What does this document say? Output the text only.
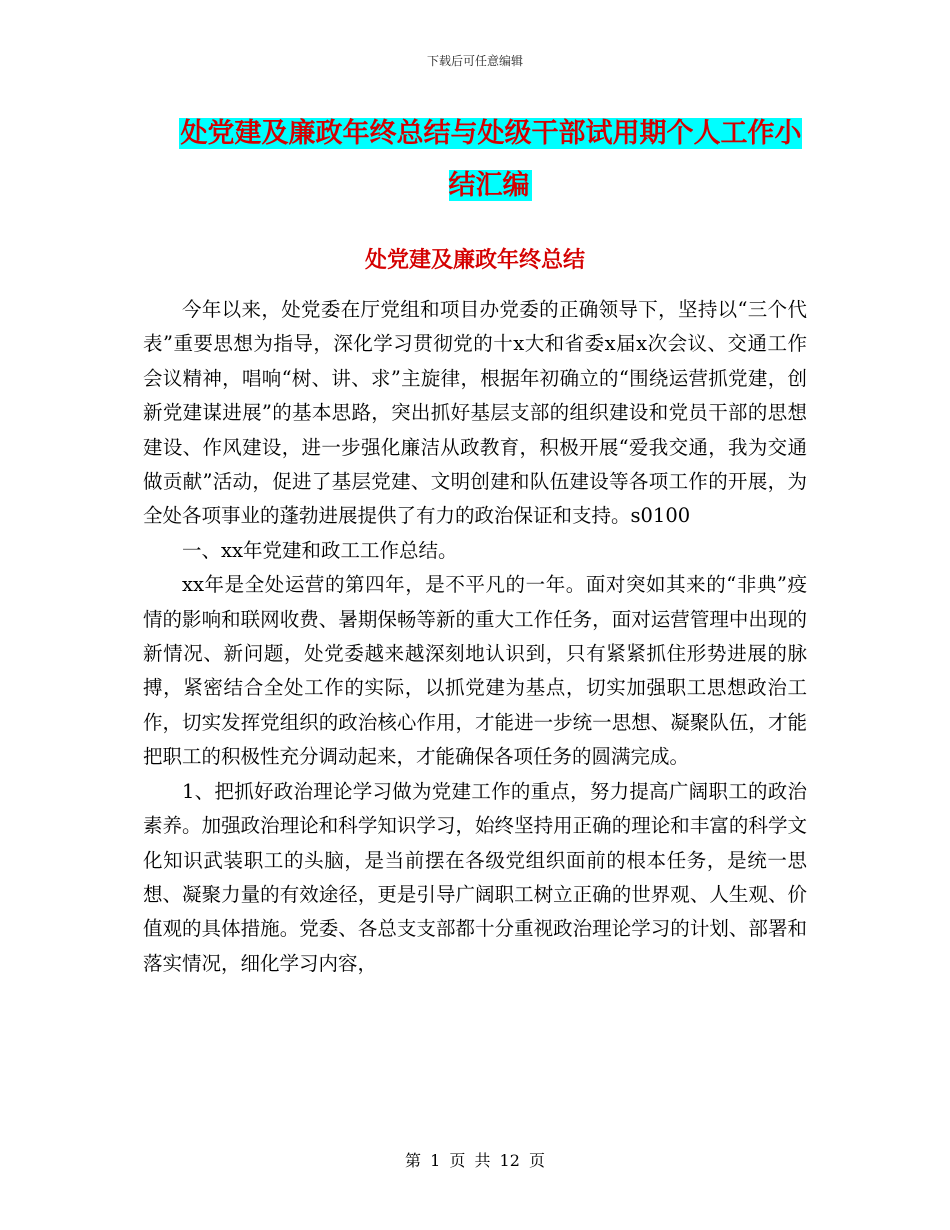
下载后可任意编辑
处党建及廉政年终总结与处级干部试用期个人工作小结汇编
处党建及廉政年终总结

今年以来，处党委在厅党组和项目办党委的正确领导下，坚持以“三个代表”重要思想为指导，深化学习贯彻党的十x大和省委x届x次会议、交通工作会议精神，唱响“树、讲、求”主旋律，根据年初确立的“围绕运营抓党建，创新党建谋进展”的基本思路，突出抓好基层支部的组织建设和党员干部的思想建设、作风建设，进一步强化廉洁从政教育，积极开展“爱我交通，我为交通做贡献”活动，促进了基层党建、文明创建和队伍建设等各项工作的开展，为全处各项事业的蓬勃进展提供了有力的政治保证和支持。s0100

一、xx年党建和政工工作总结。

xx年是全处运营的第四年，是不平凡的一年。面对突如其来的“非典”疫情的影响和联网收费、暑期保畅等新的重大工作任务，面对运营管理中出现的新情况、新问题，处党委越来越深刻地认识到，只有紧紧抓住形势进展的脉搏，紧密结合全处工作的实际，以抓党建为基点，切实加强职工思想政治工作，切实发挥党组织的政治核心作用，才能进一步统一思想、凝聚队伍，才能把职工的积极性充分调动起来，才能确保各项任务的圆满完成。

1、把抓好政治理论学习做为党建工作的重点，努力提高广阔职工的政治素养。加强政治理论和科学知识学习，始终坚持用正确的理论和丰富的科学文化知识武装职工的头脑，是当前摆在各级党组织面前的根本任务，是统一思想、凝聚力量的有效途径，更是引导广阔职工树立正确的世界观、人生观、价值观的具体措施。党委、各总支支部都十分重视政治理论学习的计划、部署和落实情况，细化学习内容，

第 1 页 共 12 页
